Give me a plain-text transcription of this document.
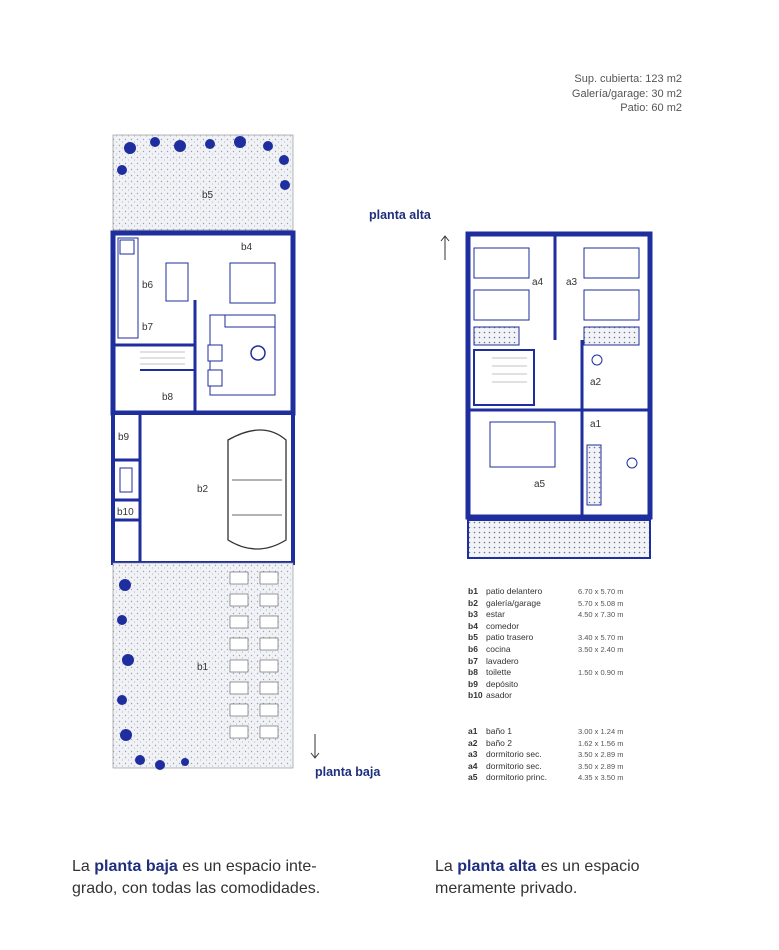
Sup. cubierta: 123 m2
Galería/garage: 30 m2
Patio: 60 m2
planta alta
planta baja
b5
b4
b6
b7
b8
b9
b2
b10
b1
a4 a3
a2
a1
a5
b1 patio delantero	6.70 x 5.70 m
b2 galería/garage	5.70 x 5.08 m
b3 estar	4.50 x 7.30 m
b4 comedor
b5 patio trasero	3.40 x 5.70 m
b6 cocina	3.50 x 2.40 m
b7 lavadero
b8 toilette	1.50 x 0.90 m
b9 depósito
b10 asador
a1 baño 1	3.00 x 1.24 m
a2 baño 2	1.62 x 1.56 m
a3 dormitorio sec.	3.50 x 2.89 m
a4 dormitorio sec.	3.50 x 2.89 m
a5 dormitorio princ.	4.35 x 3.50 m
La planta baja es un espacio inte-
grado, con todas las comodidades.
La planta alta es un espacio
meramente privado.
